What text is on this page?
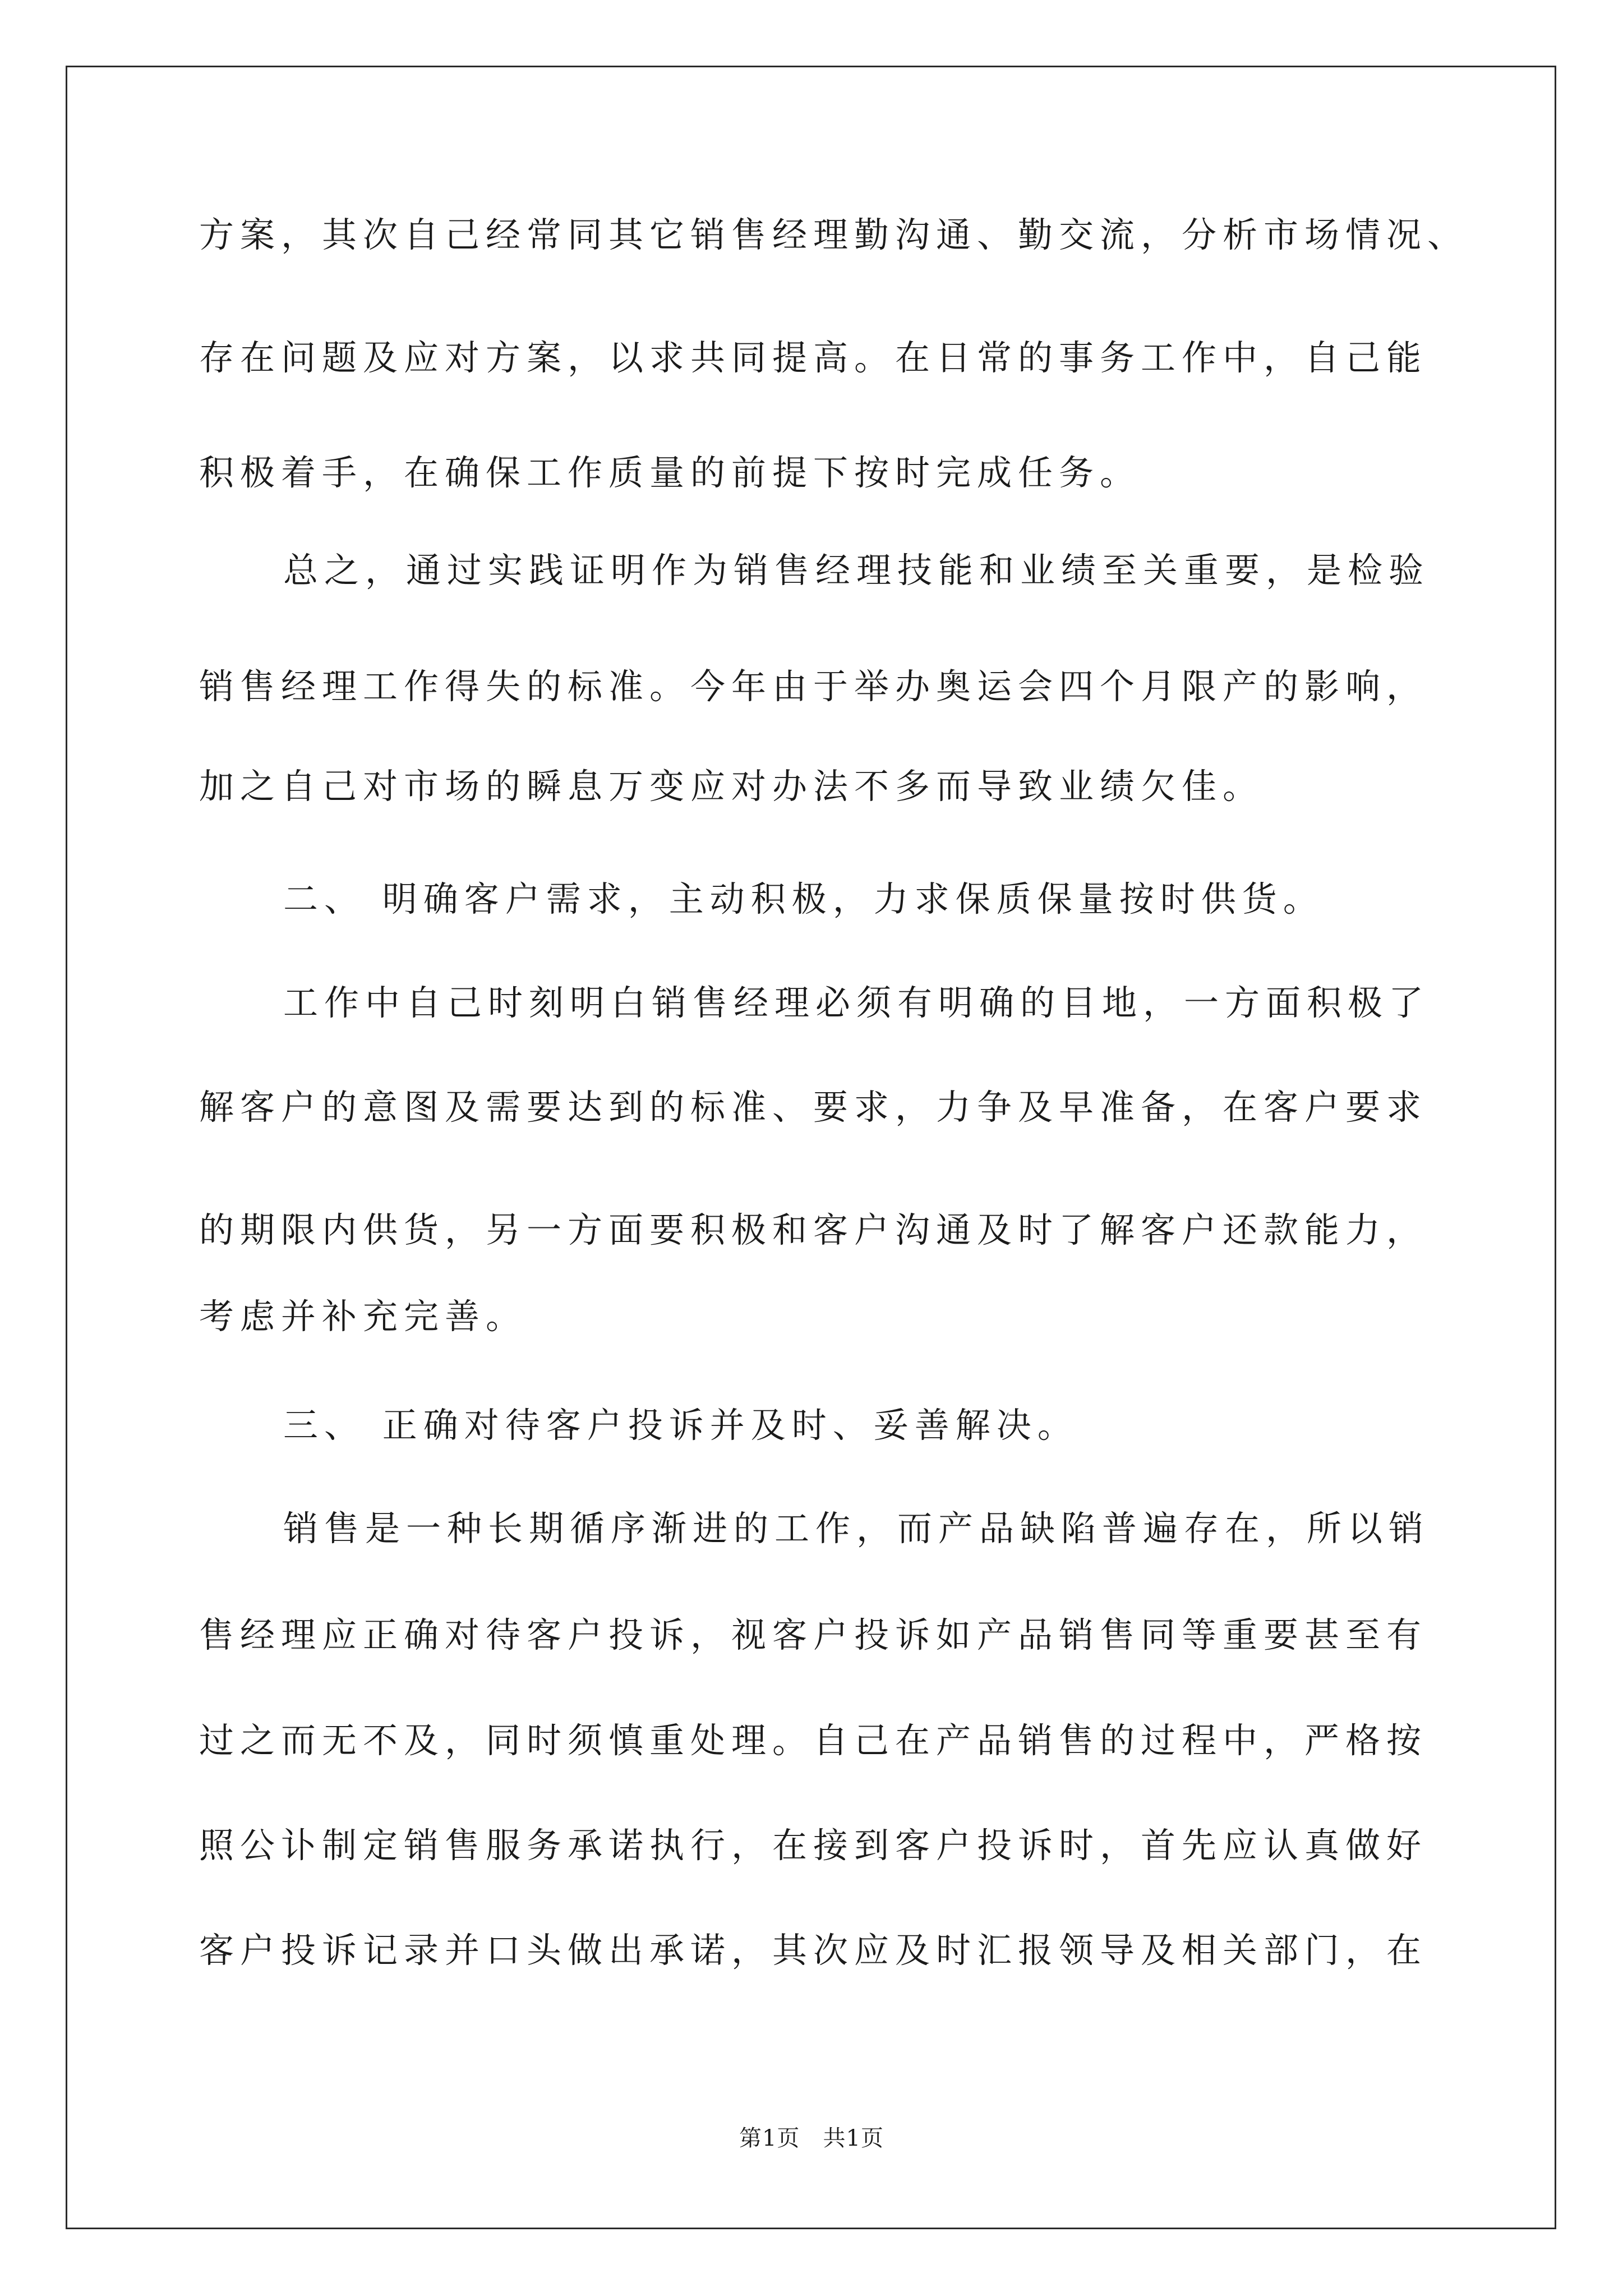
方案，其次自己经常同其它销售经理勤沟通、勤交流，分析市场情况、

存在问题及应对方案，以求共同提高。在日常的事务工作中，自己能

积极着手，在确保工作质量的前提下按时完成任务。

总之，通过实践证明作为销售经理技能和业绩至关重要，是检验

销售经理工作得失的标准。今年由于举办奥运会四个月限产的影响，

加之自己对市场的瞬息万变应对办法不多而导致业绩欠佳。

二、 明确客户需求，主动积极，力求保质保量按时供货。

工作中自己时刻明白销售经理必须有明确的目地，一方面积极了

解客户的意图及需要达到的标准、要求，力争及早准备，在客户要求

的期限内供货，另一方面要积极和客户沟通及时了解客户还款能力，

考虑并补充完善。

三、 正确对待客户投诉并及时、妥善解决。

销售是一种长期循序渐进的工作，而产品缺陷普遍存在，所以销

售经理应正确对待客户投诉，视客户投诉如产品销售同等重要甚至有

过之而无不及，同时须慎重处理。自己在产品销售的过程中，严格按

照公讣制定销售服务承诺执行，在接到客户投诉时，首先应认真做好

客户投诉记录并口头做出承诺，其次应及时汇报领导及相关部门，在

第1页   共1页
